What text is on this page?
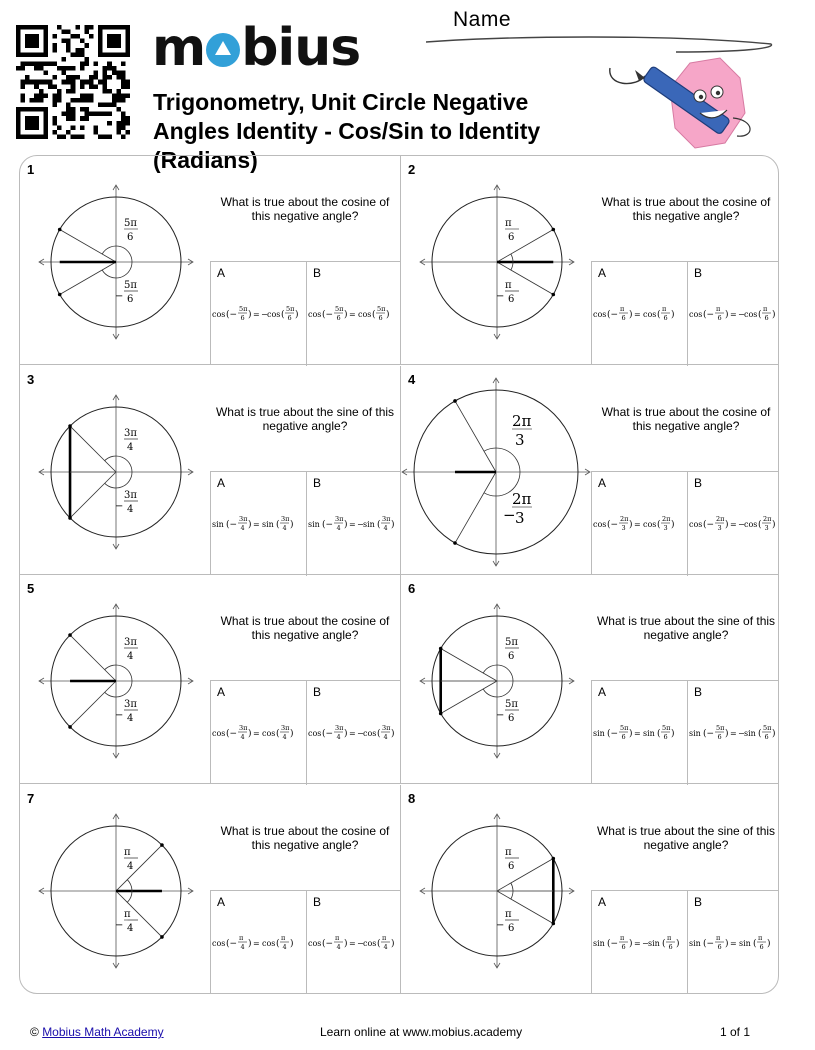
m bius
Trigonometry, Unit Circle Negative Angles Identity - Cos/Sin to Identity (Radians)
Name
1
5π
6
−
5π
6
What is true about the cosine of this negative angle?
A
cos (−
5π
6 ) = − cos (
5π
6 )
B
cos (−
5π
6 ) = cos (
5π
6 )
2
π
6
−
π
6
What is true about the cosine of this negative angle?
A
cos (−
π
6 ) = cos (
π
6 )
B
cos (−
π
6 ) = − cos (
π
6 )
3
3π
4
−
3π
4
What is true about the sine of this negative angle?
A
sin (−
3π
4 ) = sin (
3π
4 )
B
sin (−
3π
4 ) = − sin (
3π
4 )
4
2π
3
−
2π
3
What is true about the cosine of this negative angle?
A
cos (−
2π
3 ) = cos (
2π
3 )
B
cos (−
2π
3 ) = − cos (
2π
3 )
5
3π
4
−
3π
4
What is true about the cosine of this negative angle?
A
cos (−
3π
4 ) = cos (
3π
4 )
B
cos (−
3π
4 ) = − cos (
3π
4 )
6
5π
6
−
5π
6
What is true about the sine of this negative angle?
A
sin (−
5π
6 ) = sin (
5π
6 )
B
sin (−
5π
6 ) = − sin (
5π
6 )
7
π
4
−
π
4
What is true about the cosine of this negative angle?
A
cos (−
π
4 ) = cos (
π
4 )
B
cos (−
π
4 ) = − cos (
π
4 )
8
π
6
−
π
6
What is true about the sine of this negative angle?
A
sin (−
π
6 ) = − sin (
π
6 )
B
sin (−
π
6 ) = sin (
π
6 )
© Mobius Math Academy	Learn online at www.mobius.academy	1 of 1
